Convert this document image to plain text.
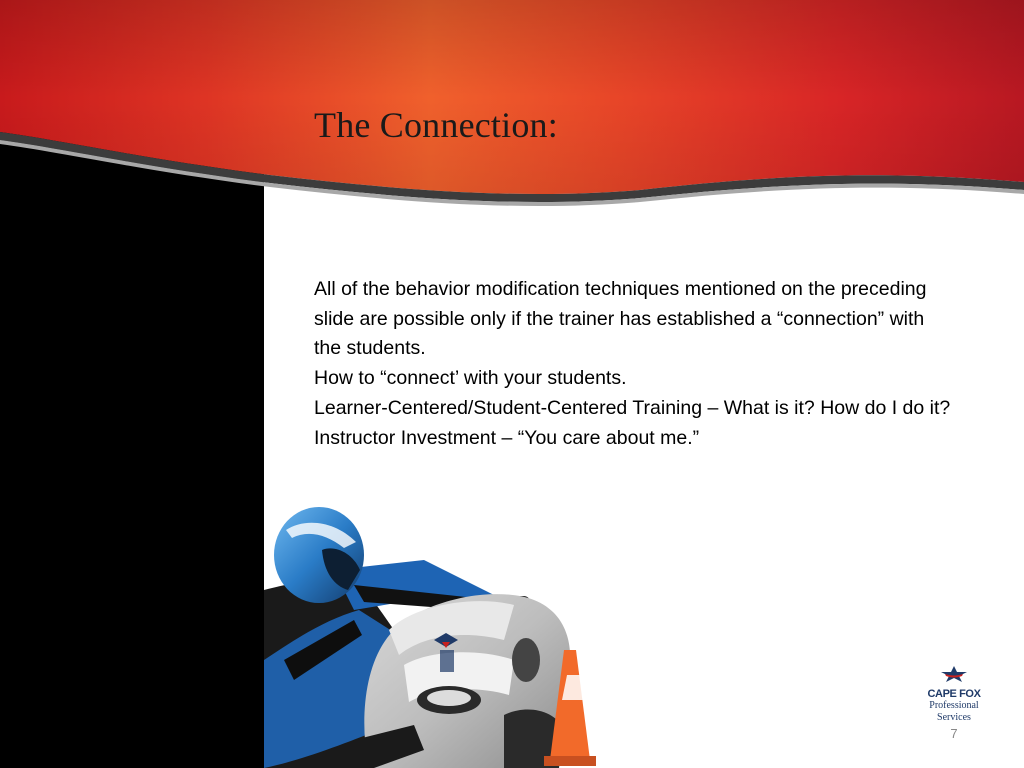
The Connection:

All of the behavior modification techniques mentioned on the preceding slide are possible only if the trainer has established a “connection” with the students.

How to “connect’ with your students.

Learner-Centered/Student-Centered Training – What is it? How do I do it?

Instructor Investment – “You care about me.”

CAPE FOX
Professional Services
7
